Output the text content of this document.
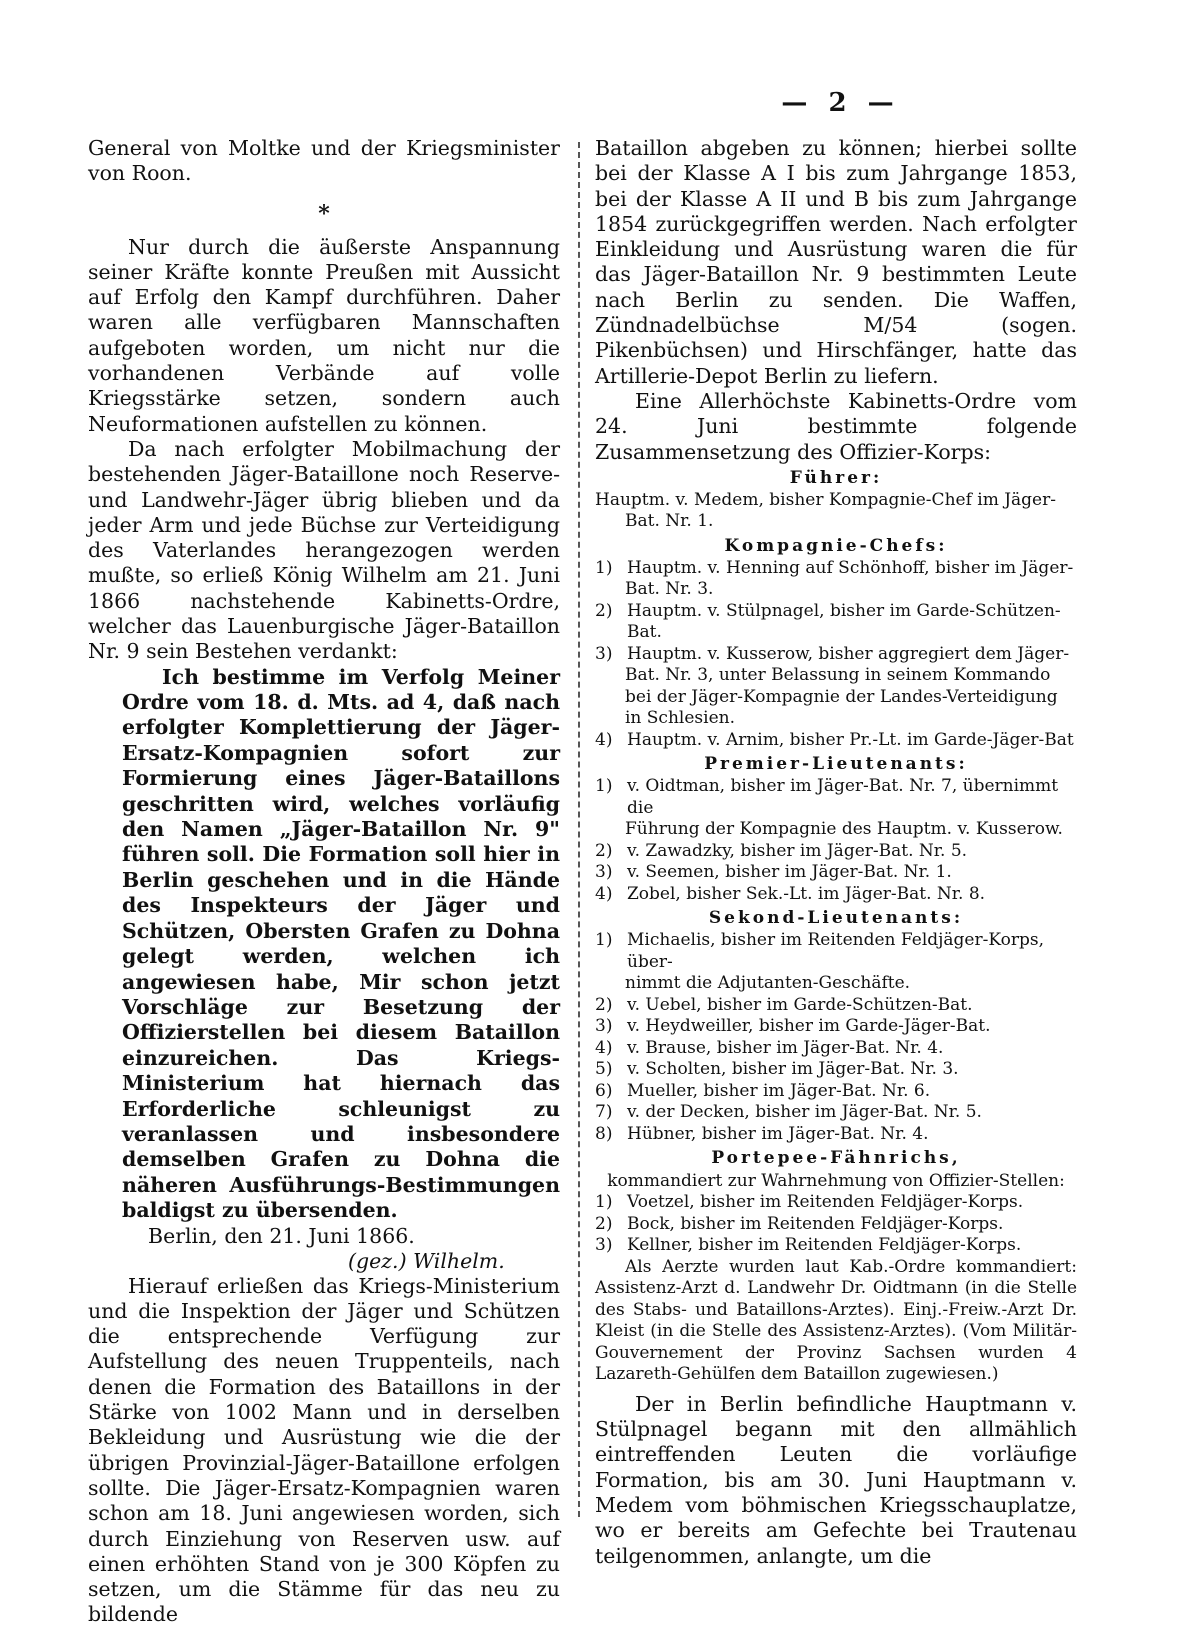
— 2 —

General von Moltke und der Kriegsminister von Roon.

*

Nur durch die äußerste Anspannung seiner Kräfte konnte Preußen mit Aussicht auf Erfolg den Kampf durchführen. Daher waren alle verfügbaren Mannschaften aufgeboten worden, um nicht nur die vorhandenen Verbände auf volle Kriegsstärke setzen, sondern auch Neuformationen aufstellen zu können.

Da nach erfolgter Mobilmachung der bestehenden Jäger-Bataillone noch Reserve- und Landwehr-Jäger übrig blieben und da jeder Arm und jede Büchse zur Verteidigung des Vaterlandes herangezogen werden mußte, so erließ König Wilhelm am 21. Juni 1866 nachstehende Kabinetts-Ordre, welcher das Lauenburgische Jäger-Bataillon Nr. 9 sein Bestehen verdankt:

Ich bestimme im Verfolg Meiner Ordre vom 18. d. Mts. ad 4, daß nach erfolgter Komplettierung der Jäger-Ersatz-Kompagnien sofort zur Formierung eines Jäger-Bataillons geschritten wird, welches vorläufig den Namen „Jäger-Bataillon Nr. 9" führen soll. Die Formation soll hier in Berlin geschehen und in die Hände des Inspekteurs der Jäger und Schützen, Obersten Grafen zu Dohna gelegt werden, welchen ich angewiesen habe, Mir schon jetzt Vorschläge zur Besetzung der Offizierstellen bei diesem Bataillon einzureichen. Das Kriegs-Ministerium hat hiernach das Erforderliche schleunigst zu veranlassen und insbesondere demselben Grafen zu Dohna die näheren Ausführungs-Bestimmungen baldigst zu übersenden.

Berlin, den 21. Juni 1866.
(gez.) Wilhelm.

Hierauf erließen das Kriegs-Ministerium und die Inspektion der Jäger und Schützen die entsprechende Verfügung zur Aufstellung des neuen Truppenteils, nach denen die Formation des Bataillons in der Stärke von 1002 Mann und in derselben Bekleidung und Ausrüstung wie die der übrigen Provinzial-Jäger-Bataillone erfolgen sollte. Die Jäger-Ersatz-Kompagnien waren schon am 18. Juni angewiesen worden, sich durch Einziehung von Reserven usw. auf einen erhöhten Stand von je 300 Köpfen zu setzen, um die Stämme für das neu zu bildende

Bataillon abgeben zu können; hierbei sollte bei der Klasse A I bis zum Jahrgange 1853, bei der Klasse A II und B bis zum Jahrgange 1854 zurückgegriffen werden. Nach erfolgter Einkleidung und Ausrüstung waren die für das Jäger-Bataillon Nr. 9 bestimmten Leute nach Berlin zu senden. Die Waffen, Zündnadelbüchse M/54 (sogen. Pikenbüchsen) und Hirschfänger, hatte das Artillerie-Depot Berlin zu liefern.

Eine Allerhöchste Kabinetts-Ordre vom 24. Juni bestimmte folgende Zusammensetzung des Offizier-Korps:

Führer:
Hauptm. v. Medem, bisher Kompagnie-Chef im Jäger-
Bat. Nr. 1.
Kompagnie-Chefs:
1) Hauptm. v. Henning auf Schönhoff, bisher im Jäger-
Bat. Nr. 3.
2) Hauptm. v. Stülpnagel, bisher im Garde-Schützen-Bat.
3) Hauptm. v. Kusserow, bisher aggregiert dem Jäger-
Bat. Nr. 3, unter Belassung in seinem Kommando
bei der Jäger-Kompagnie der Landes-Verteidigung
in Schlesien.
4) Hauptm. v. Arnim, bisher Pr.-Lt. im Garde-Jäger-Bat
Premier-Lieutenants:
1) v. Oidtman, bisher im Jäger-Bat. Nr. 7, übernimmt die
Führung der Kompagnie des Hauptm. v. Kusserow.
2) v. Zawadzky, bisher im Jäger-Bat. Nr. 5.
3) v. Seemen, bisher im Jäger-Bat. Nr. 1.
4) Zobel, bisher Sek.-Lt. im Jäger-Bat. Nr. 8.
Sekond-Lieutenants:
1) Michaelis, bisher im Reitenden Feldjäger-Korps, über-
nimmt die Adjutanten-Geschäfte.
2) v. Uebel, bisher im Garde-Schützen-Bat.
3) v. Heydweiller, bisher im Garde-Jäger-Bat.
4) v. Brause, bisher im Jäger-Bat. Nr. 4.
5) v. Scholten, bisher im Jäger-Bat. Nr. 3.
6) Mueller, bisher im Jäger-Bat. Nr. 6.
7) v. der Decken, bisher im Jäger-Bat. Nr. 5.
8) Hübner, bisher im Jäger-Bat. Nr. 4.
Portepee-Fähnrichs,
kommandiert zur Wahrnehmung von Offizier-Stellen:
1) Voetzel, bisher im Reitenden Feldjäger-Korps.
2) Bock, bisher im Reitenden Feldjäger-Korps.
3) Kellner, bisher im Reitenden Feldjäger-Korps.

Als Aerzte wurden laut Kab.-Ordre kommandiert: Assistenz-Arzt d. Landwehr Dr. Oidtmann (in die Stelle des Stabs- und Bataillons-Arztes). Einj.-Freiw.-Arzt Dr. Kleist (in die Stelle des Assistenz-Arztes). (Vom Militär-Gouvernement der Provinz Sachsen wurden 4 Lazareth-Gehülfen dem Bataillon zugewiesen.)

Der in Berlin befindliche Hauptmann v. Stülpnagel begann mit den allmählich eintreffenden Leuten die vorläufige Formation, bis am 30. Juni Hauptmann v. Medem vom böhmischen Kriegsschauplatze, wo er bereits am Gefechte bei Trautenau teilgenommen, anlangte, um die
